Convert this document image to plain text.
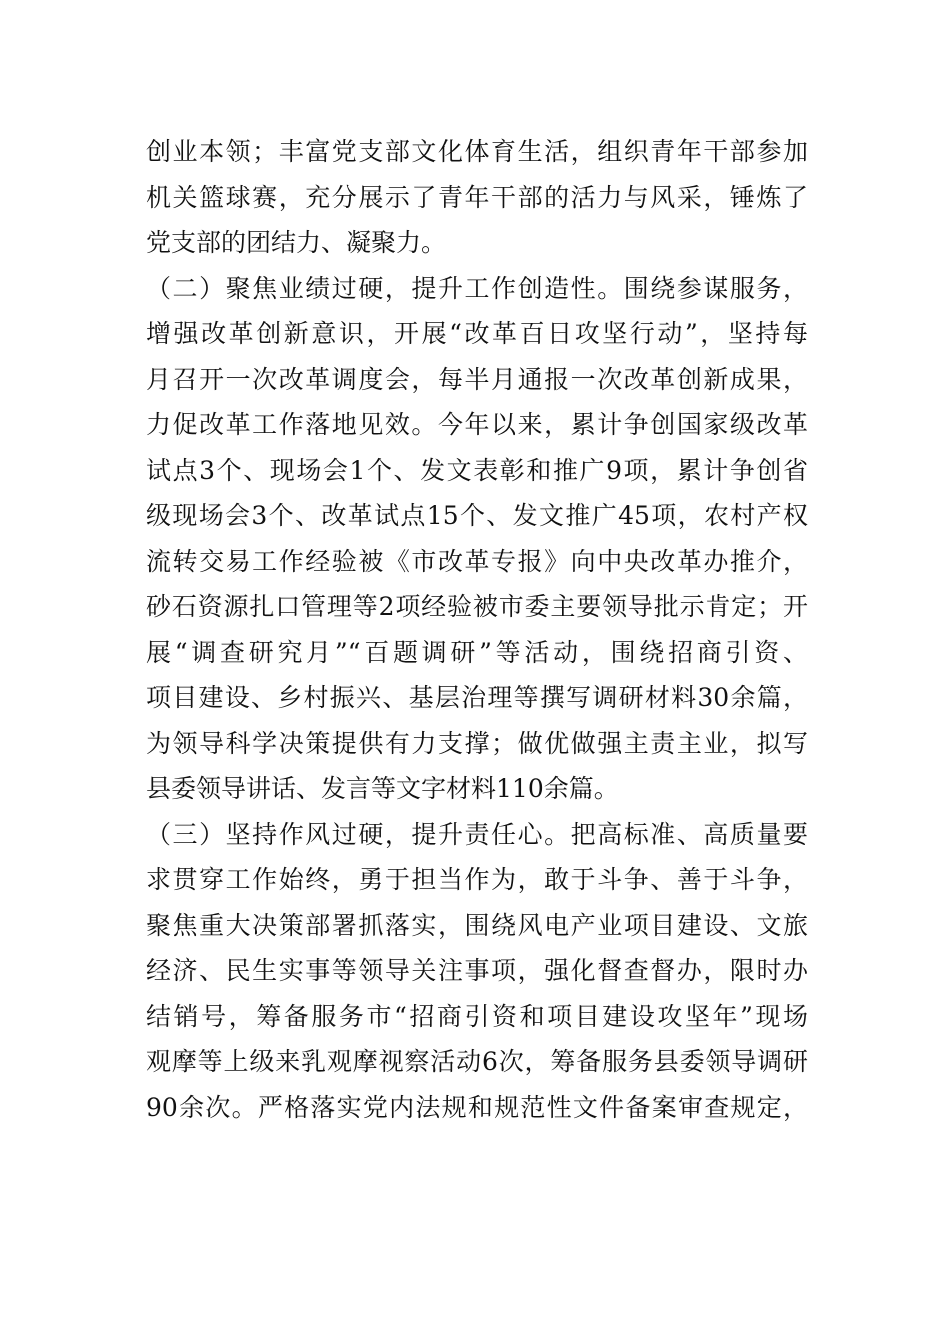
创业本领；丰富党支部文化体育生活，组织青年干部参加
机关篮球赛，充分展示了青年干部的活力与风采，锤炼了
党支部的团结力、凝聚力。
（二）聚焦业绩过硬，提升工作创造性。围绕参谋服务，
增强改革创新意识，开展“改革百日攻坚行动”，坚持每
月召开一次改革调度会，每半月通报一次改革创新成果，
力促改革工作落地见效。今年以来，累计争创国家级改革
试点3个、现场会1个、发文表彰和推广9项，累计争创省
级现场会3个、改革试点15个、发文推广45项，农村产权
流转交易工作经验被《市改革专报》向中央改革办推介，
砂石资源扎口管理等2项经验被市委主要领导批示肯定；开
展“调查研究月”“百题调研”等活动，围绕招商引资、
项目建设、乡村振兴、基层治理等撰写调研材料30余篇，
为领导科学决策提供有力支撑；做优做强主责主业，拟写
县委领导讲话、发言等文字材料110余篇。
（三）坚持作风过硬，提升责任心。把高标准、高质量要
求贯穿工作始终，勇于担当作为，敢于斗争、善于斗争，
聚焦重大决策部署抓落实，围绕风电产业项目建设、文旅
经济、民生实事等领导关注事项，强化督查督办，限时办
结销号，筹备服务市“招商引资和项目建设攻坚年”现场
观摩等上级来乳观摩视察活动6次，筹备服务县委领导调研
90余次。严格落实党内法规和规范性文件备案审查规定，
